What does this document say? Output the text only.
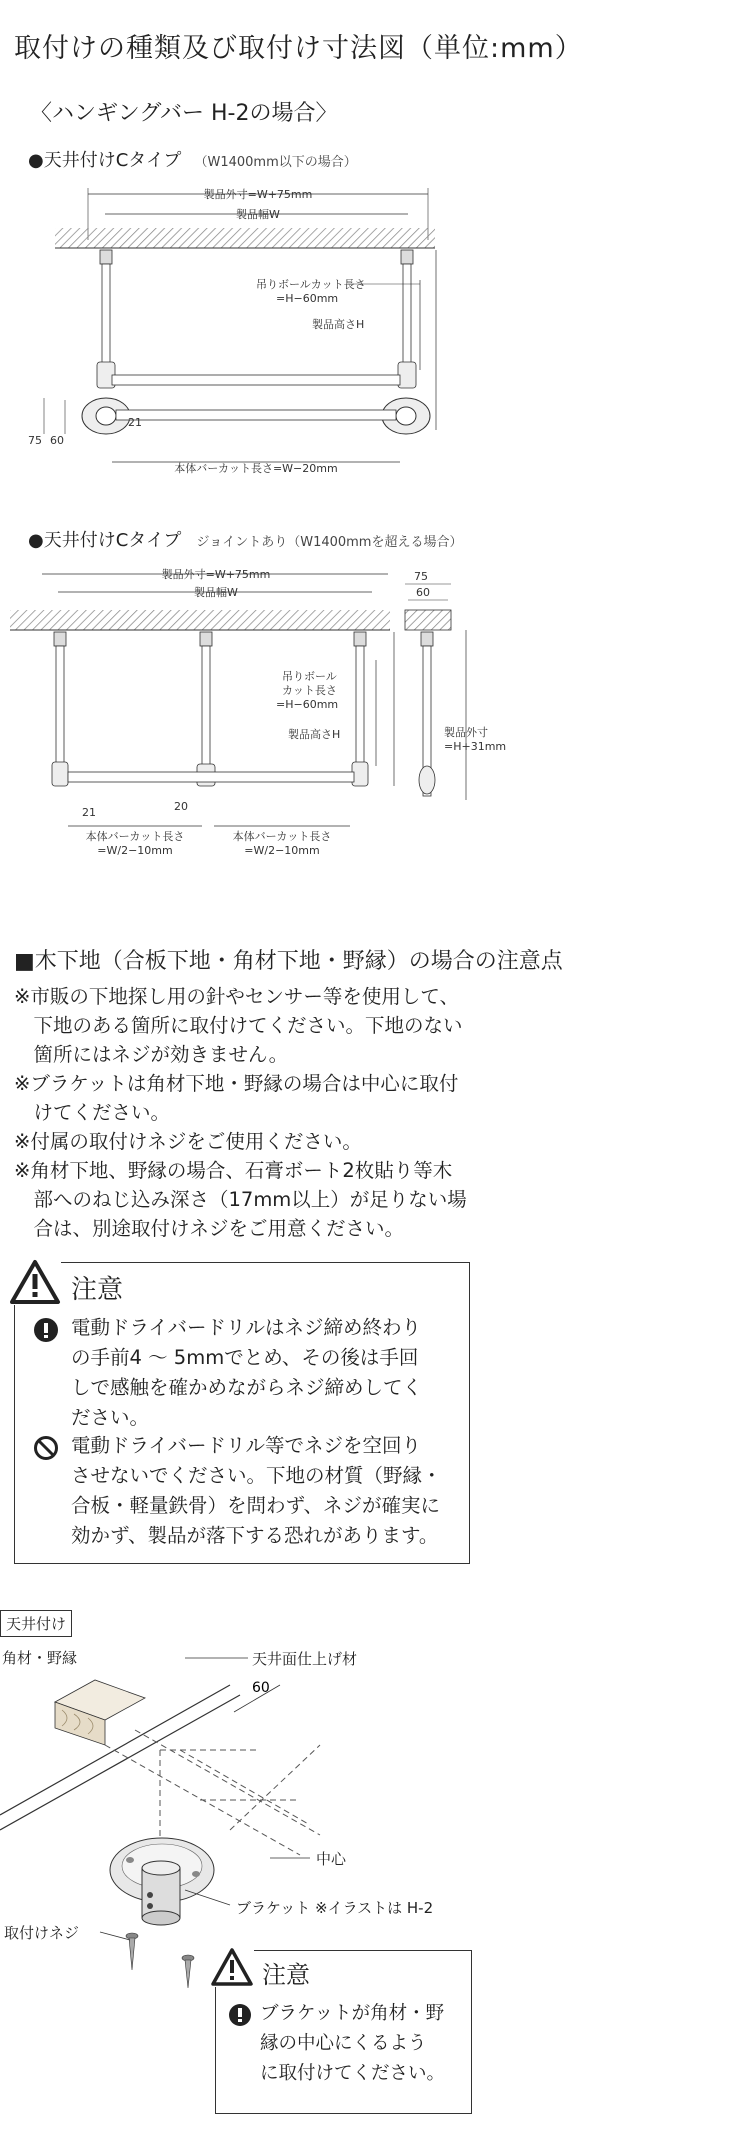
取付けの種類及び取付け寸法図（単位:mm）
〈ハンギングバー H-2の場合〉
●天井付けCタイプ （W1400mm以下の場合）
製品外寸=W+75mm
製品幅W
吊りボールカット長さ
=H−60mm
製品高さH
75 60
21
本体バーカット長さ=W−20mm
●天井付けCタイプ ジョイントあり（W1400mmを超える場合）
製品外寸=W+75mm
製品幅W
吊りボール
カット長さ
=H−60mm
製品高さH
75
60
製品外寸
=H+31mm
21	20
本体バーカット長さ
=W/2−10mm
本体バーカット長さ
=W/2−10mm
■木下地（合板下地・角材下地・野縁）の場合の注意点
※市販の下地探し用の針やセンサー等を使用して、
　下地のある箇所に取付けてください。下地のない
　箇所にはネジが効きません。
※ブラケットは角材下地・野縁の場合は中心に取付
　けてください。
※付属の取付けネジをご使用ください。
※角材下地、野縁の場合、石膏ボート2枚貼り等木
　部へのねじ込み深さ（17mm以上）が足りない場
　合は、別途取付けネジをご用意ください。
注意
電動ドライバードリルはネジ締め終わり
の手前4 〜 5mmでとめ、その後は手回
しで感触を確かめながらネジ締めしてく
ださい。
電動ドライバードリル等でネジを空回り
させないでください。下地の材質（野縁・
合板・軽量鉄骨）を問わず、ネジが確実に
効かず、製品が落下する恐れがあります。
天井付け
60
角材・野縁	天井面仕上げ材
中心
ブラケット ※イラストは H-2
取付けネジ
注意
ブラケットが角材・野
縁の中心にくるよう
に取付けてください。
